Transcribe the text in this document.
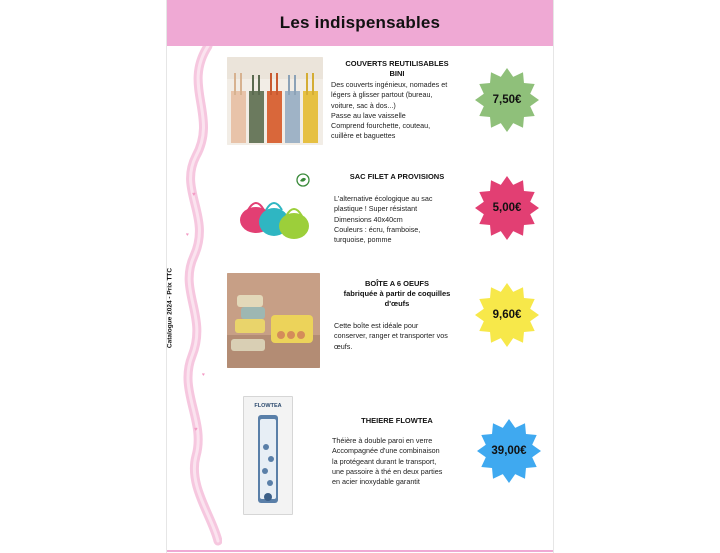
Les indispensables
Catalogue 2024 - Prix TTC
♥
♥
♥
♥
FLOWTEA
COUVERTS REUTILISABLES
BINI
Des couverts ingénieux, nomades et
légers à glisser partout (bureau,
voiture, sac à dos...)
Passe au lave vaisselle
Comprend fourchette, couteau,
cuillère et baguettes
SAC FILET A PROVISIONS
L'alternative écologique au sac
plastique ! Super résistant
Dimensions 40x40cm
Couleurs : écru, framboise,
turquoise, pomme
BOÎTE A 6 OEUFS
fabriquée à partir de coquilles
d'œufs
Cette boîte est idéale pour
conserver, ranger et transporter vos
œufs.
THEIERE FLOWTEA
Théière à double paroi en verre
Accompagnée d'une combinaison
la protégeant durant le transport,
une passoire à thé en deux parties
en acier inoxydable garantit
7,50€
5,00€
9,60€
39,00€
